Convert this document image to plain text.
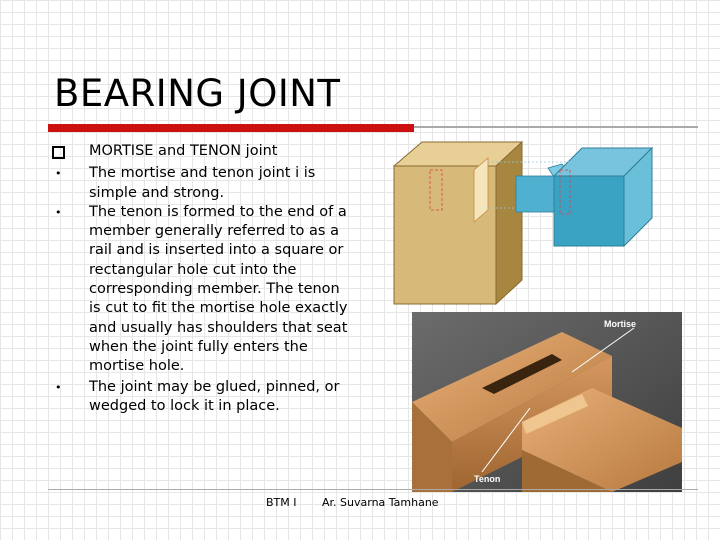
BEARING JOINT
MORTISE and TENON joint
• The mortise and tenon joint i is simple and strong.
• The tenon is formed to the end of a member generally referred to as a rail and is inserted into a square or rectangular hole cut into the corresponding member. The tenon is cut to fit the mortise hole exactly and usually has shoulders that seat when the joint fully enters the mortise hole.
• The joint may be glued, pinned, or wedged to lock it in place.
Mortise
Tenon
BTM I Ar. Suvarna Tamhane
